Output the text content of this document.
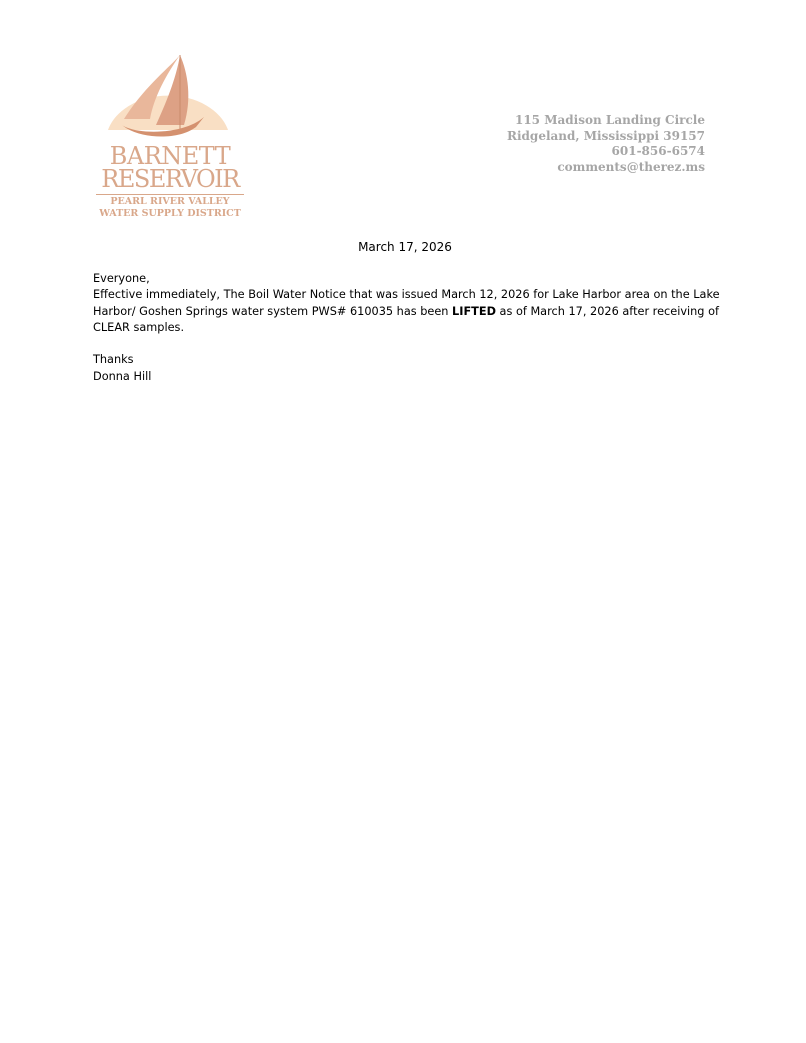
BARNETT
RESERVOIR
PEARL RIVER VALLEY
WATER SUPPLY DISTRICT
115 Madison Landing Circle
Ridgeland, Mississippi 39157
601-856-6574
comments@therez.ms
March 17, 2026
Everyone,
Effective immediately, The Boil Water Notice that was issued March 12, 2026 for Lake Harbor area on the Lake
Harbor/ Goshen Springs water system PWS# 610035 has been LIFTED as of March 17, 2026 after receiving of
CLEAR samples.
Thanks
Donna Hill
